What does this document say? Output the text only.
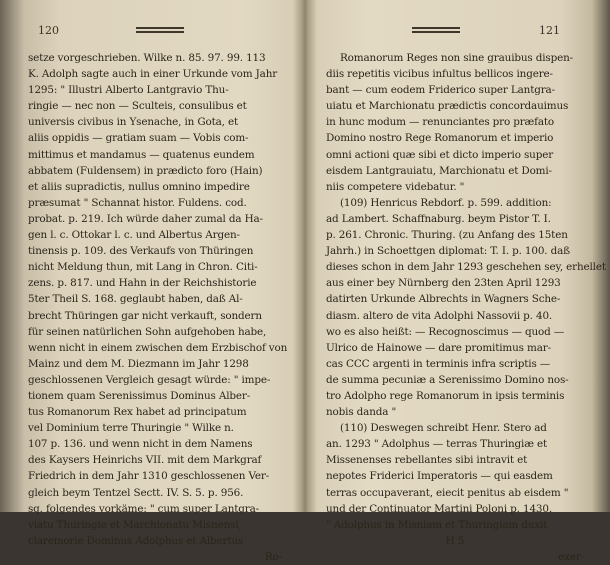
120
setze vorgeschrieben. Wilke n. 85. 97. 99. 113
K. Adolph sagte auch in einer Urkunde vom Jahr
1295: " Illustri Alberto Lantgravio Thu-
ringie — nec non — Sculteis, consulibus et
universis civibus in Ysenache, in Gota, et
aliis oppidis — gratiam suam — Vobis com-
mittimus et mandamus — quatenus eundem
abbatem (Fuldensem) in prædicto foro (Hain)
et aliis supradictis, nullus omnino impedire
præsumat " Schannat histor. Fuldens. cod.
probat. p. 219. Ich würde daher zumal da Ha-
gen l. c. Ottokar l. c. und Albertus Argen-
tinensis p. 109. des Verkaufs von Thüringen
nicht Meldung thun, mit Lang in Chron. Citi-
zens. p. 817. und Hahn in der Reichshistorie
5ter Theil S. 168. geglaubt haben, daß Al-
brecht Thüringen gar nicht verkauft, sondern
für seinen natürlichen Sohn aufgehoben habe,
wenn nicht in einem zwischen dem Erzbischof von
Mainz und dem M. Diezmann im Jahr 1298
geschlossenen Vergleich gesagt würde: " impe-
tionem quam Serenissimus Dominus Alber-
tus Romanorum Rex habet ad principatum
vel Dominium terre Thuringie " Wilke n.
107 p. 136. und wenn nicht in dem Namens
des Kaysers Heinrichs VII. mit dem Markgraf
Friedrich in dem Jahr 1310 geschlossenen Ver-
gleich beym Tentzel Sectt. IV. S. 5. p. 956.
sq. folgendes vorkäme: " cum super Lantgra-
viatu Thuringie et Marchionatu Misnensi,
claremorie Dominus Adolphus et Albertus
Ro-
121
Romanorum Reges non sine grauibus dispen-
diis repetitis vicibus infultus bellicos ingere-
bant — cum eodem Friderico super Lantgra-
uiatu et Marchionatu prædictis concordauimus
in hunc modum — renunciantes pro præfato
Domino nostro Rege Romanorum et imperio
omni actioni quæ sibi et dicto imperio super
eisdem Lantgrauiatu, Marchionatu et Domi-
niis competere videbatur. "
(109) Henricus Rebdorf. p. 599. addition:
ad Lambert. Schaffnaburg. beym Pistor T. I.
p. 261. Chronic. Thuring. (zu Anfang des 15ten
Jahrh.) in Schoettgen diplomat: T. I. p. 100. daß
dieses schon in dem Jahr 1293 geschehen sey, erhellet
aus einer bey Nürnberg den 23ten April 1293
datirten Urkunde Albrechts in Wagners Sche-
diasm. altero de vita Adolphi Nassovii p. 40.
wo es also heißt: — Recognoscimus — quod —
Ulrico de Hainowe — dare promitimus mar-
cas CCC argenti in terminis infra scriptis —
de summa pecuniæ a Serenissimo Domino nos-
tro Adolpho rege Romanorum in ipsis terminis
nobis danda "
(110) Deswegen schreibt Henr. Stero ad
an. 1293 " Adolphus — terras Thuringiæ et
Missenenses rebellantes sibi intravit et
nepotes Friderici Imperatoris — qui easdem
terras occupaverant, eiecit penitus ab eisdem "
und der Continuator Martini Poloni p. 1430.
" Adolphus in Misniam et Thuringiam duxit
H 5
exer-
